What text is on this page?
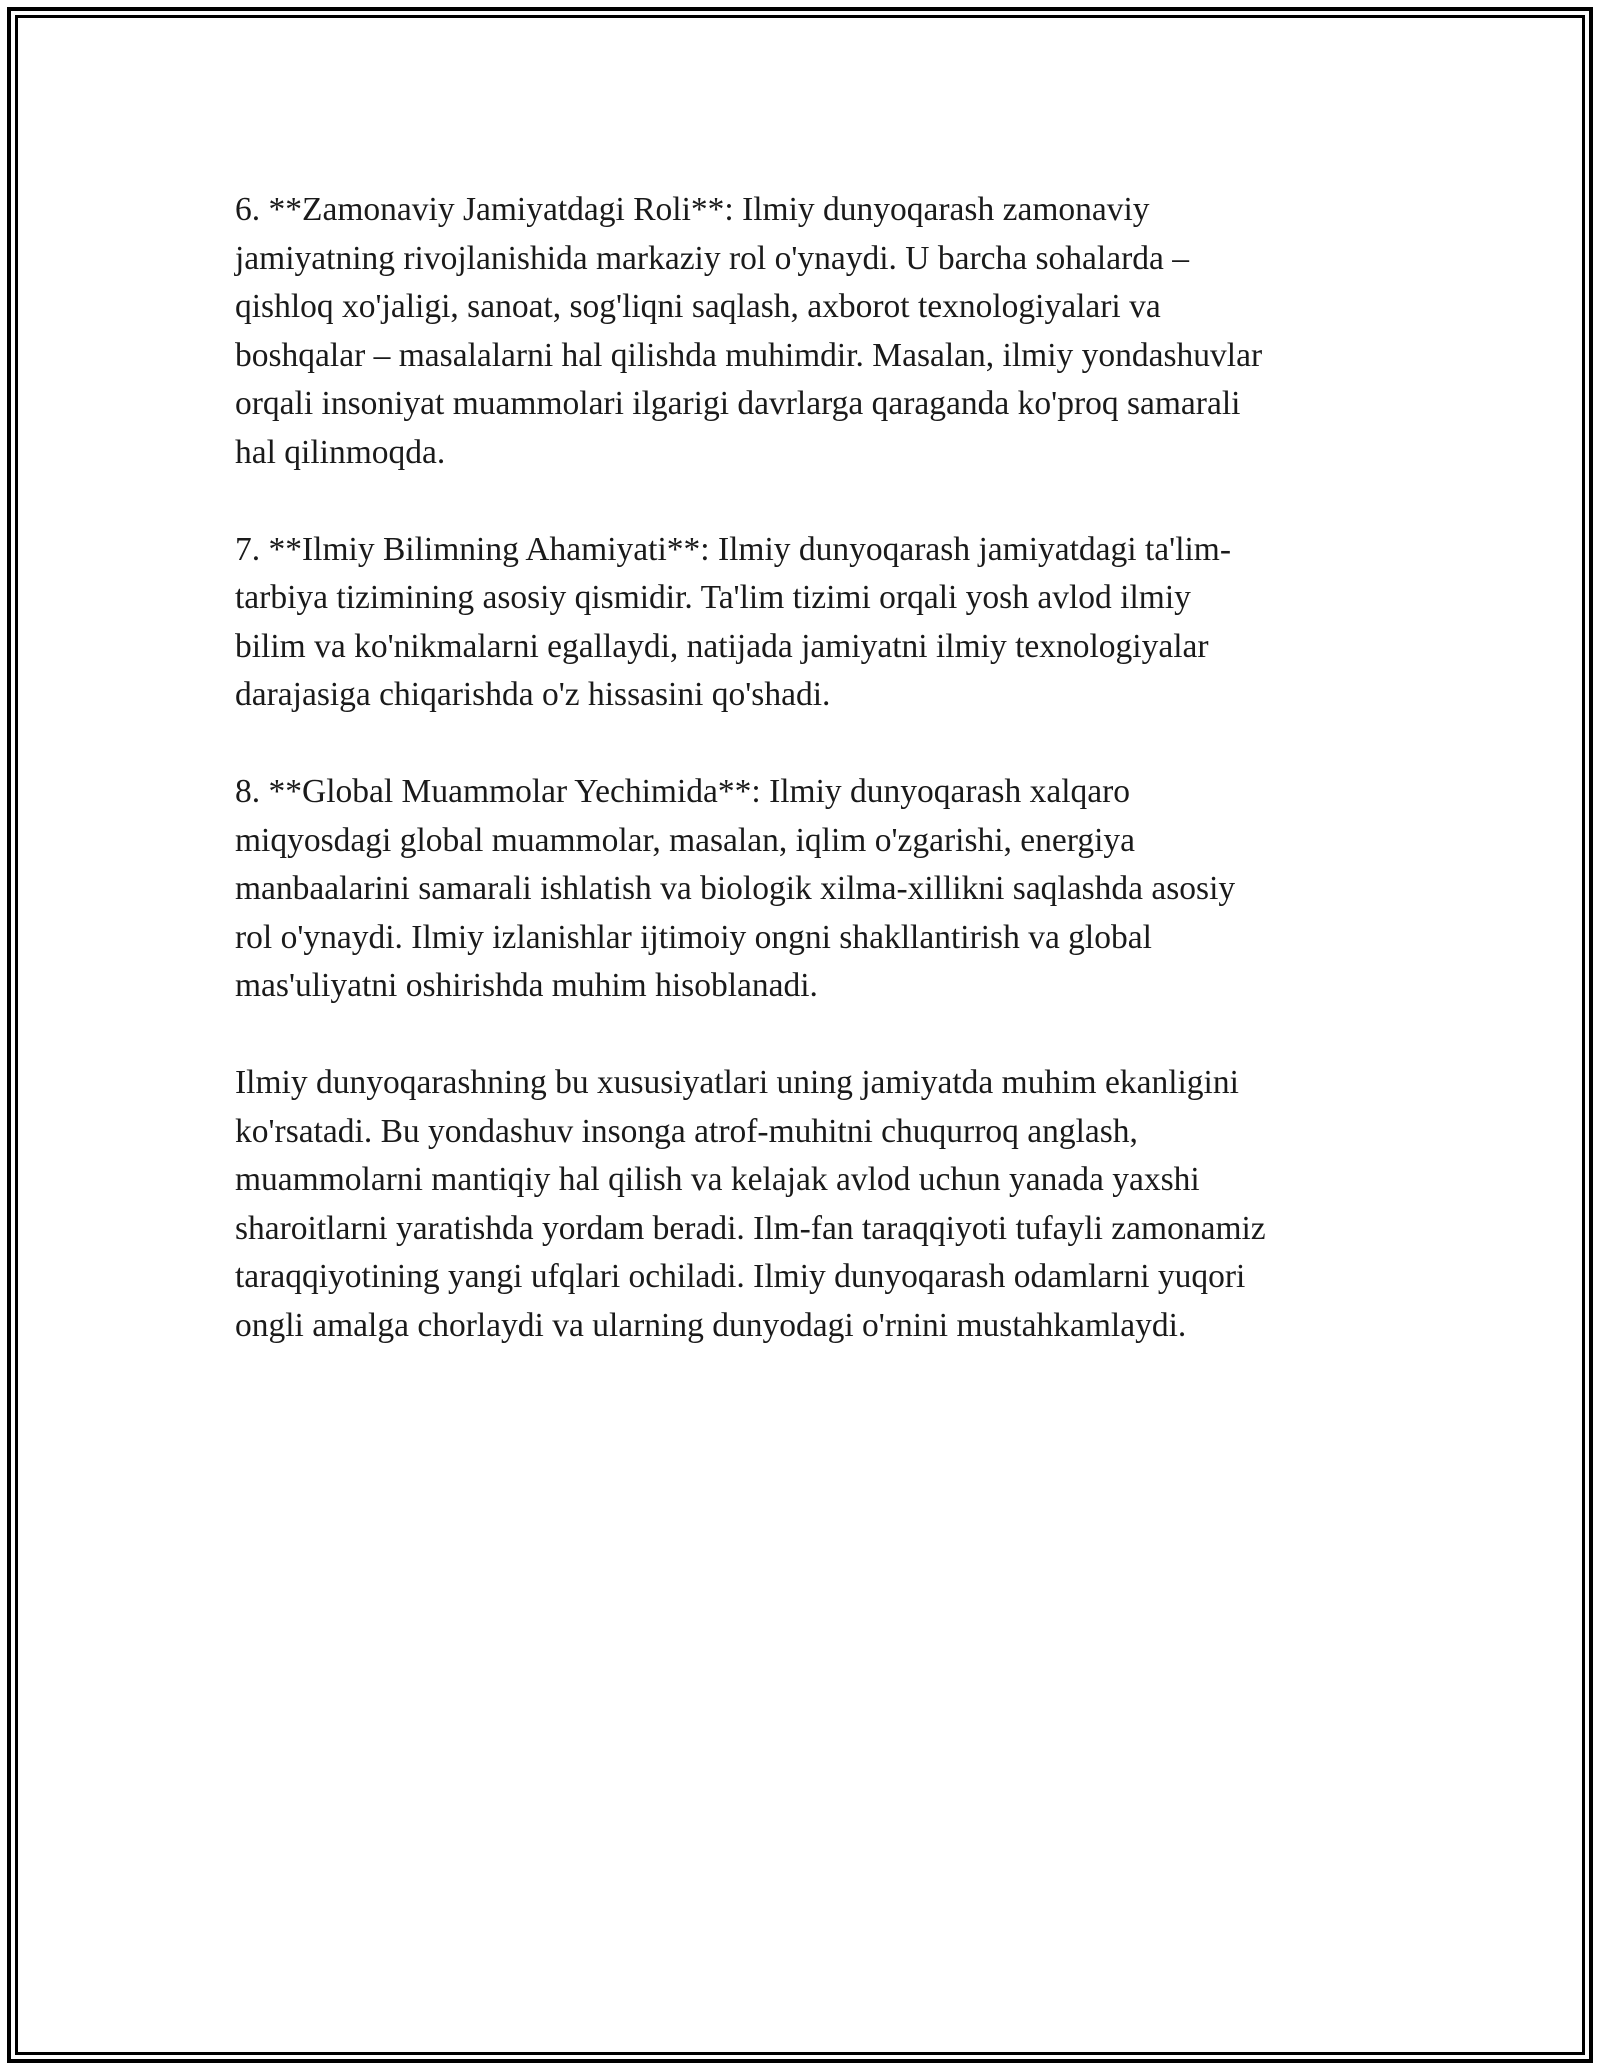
6. **Zamonaviy Jamiyatdagi Roli**: Ilmiy dunyoqarash zamonaviy
jamiyatning rivojlanishida markaziy rol o'ynaydi. U barcha sohalarda –
qishloq xo'jaligi, sanoat, sog'liqni saqlash, axborot texnologiyalari va
boshqalar – masalalarni hal qilishda muhimdir. Masalan, ilmiy yondashuvlar
orqali insoniyat muammolari ilgarigi davrlarga qaraganda ko'proq samarali
hal qilinmoqda.

7. **Ilmiy Bilimning Ahamiyati**: Ilmiy dunyoqarash jamiyatdagi ta'lim-
tarbiya tizimining asosiy qismidir. Ta'lim tizimi orqali yosh avlod ilmiy
bilim va ko'nikmalarni egallaydi, natijada jamiyatni ilmiy texnologiyalar
darajasiga chiqarishda o'z hissasini qo'shadi.

8. **Global Muammolar Yechimida**: Ilmiy dunyoqarash xalqaro
miqyosdagi global muammolar, masalan, iqlim o'zgarishi, energiya
manbaalarini samarali ishlatish va biologik xilma-xillikni saqlashda asosiy
rol o'ynaydi. Ilmiy izlanishlar ijtimoiy ongni shakllantirish va global
mas'uliyatni oshirishda muhim hisoblanadi.

Ilmiy dunyoqarashning bu xususiyatlari uning jamiyatda muhim ekanligini
ko'rsatadi. Bu yondashuv insonga atrof-muhitni chuqurroq anglash,
muammolarni mantiqiy hal qilish va kelajak avlod uchun yanada yaxshi
sharoitlarni yaratishda yordam beradi. Ilm-fan taraqqiyoti tufayli zamonamiz
taraqqiyotining yangi ufqlari ochiladi. Ilmiy dunyoqarash odamlarni yuqori
ongli amalga chorlaydi va ularning dunyodagi o'rnini mustahkamlaydi.
